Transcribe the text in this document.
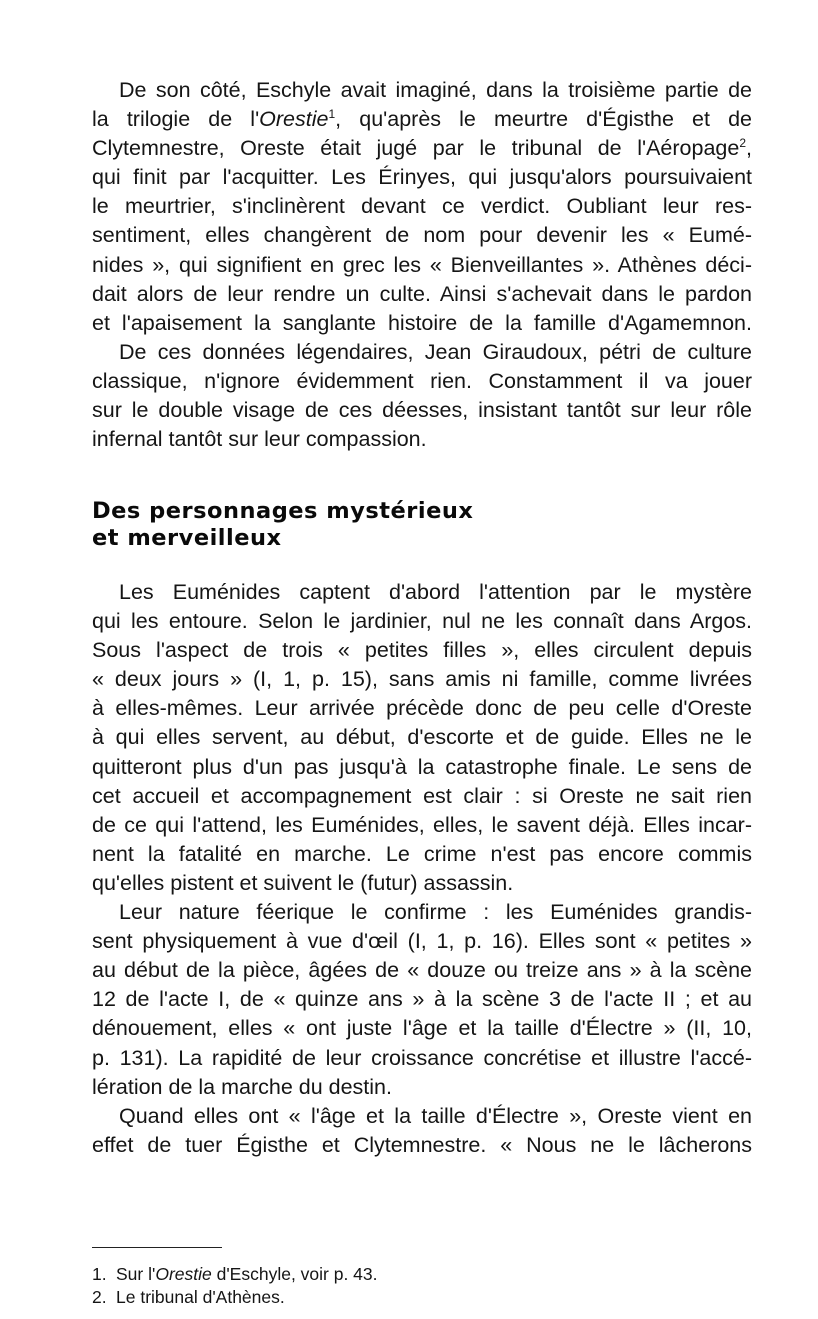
De son côté, Eschyle avait imaginé, dans la troisième partie de
la trilogie de l'Orestie$^1$, qu'après le meurtre d'Égisthe et de
Clytemnestre, Oreste était jugé par le tribunal de l'Aéropage$^2$,
qui finit par l'acquitter. Les Érinyes, qui jusqu'alors poursuivaient
le meurtrier, s'inclinèrent devant ce verdict. Oubliant leur res-
sentiment, elles changèrent de nom pour devenir les « Eumé-
nides », qui signifient en grec les « Bienveillantes ». Athènes déci-
dait alors de leur rendre un culte. Ainsi s'achevait dans le pardon
et l'apaisement la sanglante histoire de la famille d'Agamemnon.
De ces données légendaires, Jean Giraudoux, pétri de culture
classique, n'ignore évidemment rien. Constamment il va jouer
sur le double visage de ces déesses, insistant tantôt sur leur rôle
infernal tantôt sur leur compassion.
Des personnages mystérieux
et merveilleux
Les Euménides captent d'abord l'attention par le mystère
qui les entoure. Selon le jardinier, nul ne les connaît dans Argos.
Sous l'aspect de trois « petites filles », elles circulent depuis
« deux jours » (I, 1, p. 15), sans amis ni famille, comme livrées
à elles-mêmes. Leur arrivée précède donc de peu celle d'Oreste
à qui elles servent, au début, d'escorte et de guide. Elles ne le
quitteront plus d'un pas jusqu'à la catastrophe finale. Le sens de
cet accueil et accompagnement est clair : si Oreste ne sait rien
de ce qui l'attend, les Euménides, elles, le savent déjà. Elles incar-
nent la fatalité en marche. Le crime n'est pas encore commis
qu'elles pistent et suivent le (futur) assassin.
Leur nature féerique le confirme : les Euménides grandis-
sent physiquement à vue d'œil (I, 1, p. 16). Elles sont « petites »
au début de la pièce, âgées de « douze ou treize ans » à la scène
12 de l'acte I, de « quinze ans » à la scène 3 de l'acte II ; et au
dénouement, elles « ont juste l'âge et la taille d'Électre » (II, 10,
p. 131). La rapidité de leur croissance concrétise et illustre l'accé-
lération de la marche du destin.
Quand elles ont « l'âge et la taille d'Électre », Oreste vient en
effet de tuer Égisthe et Clytemnestre. « Nous ne le lâcherons
1. Sur l'Orestie d'Eschyle, voir p. 43.
2. Le tribunal d'Athènes.
